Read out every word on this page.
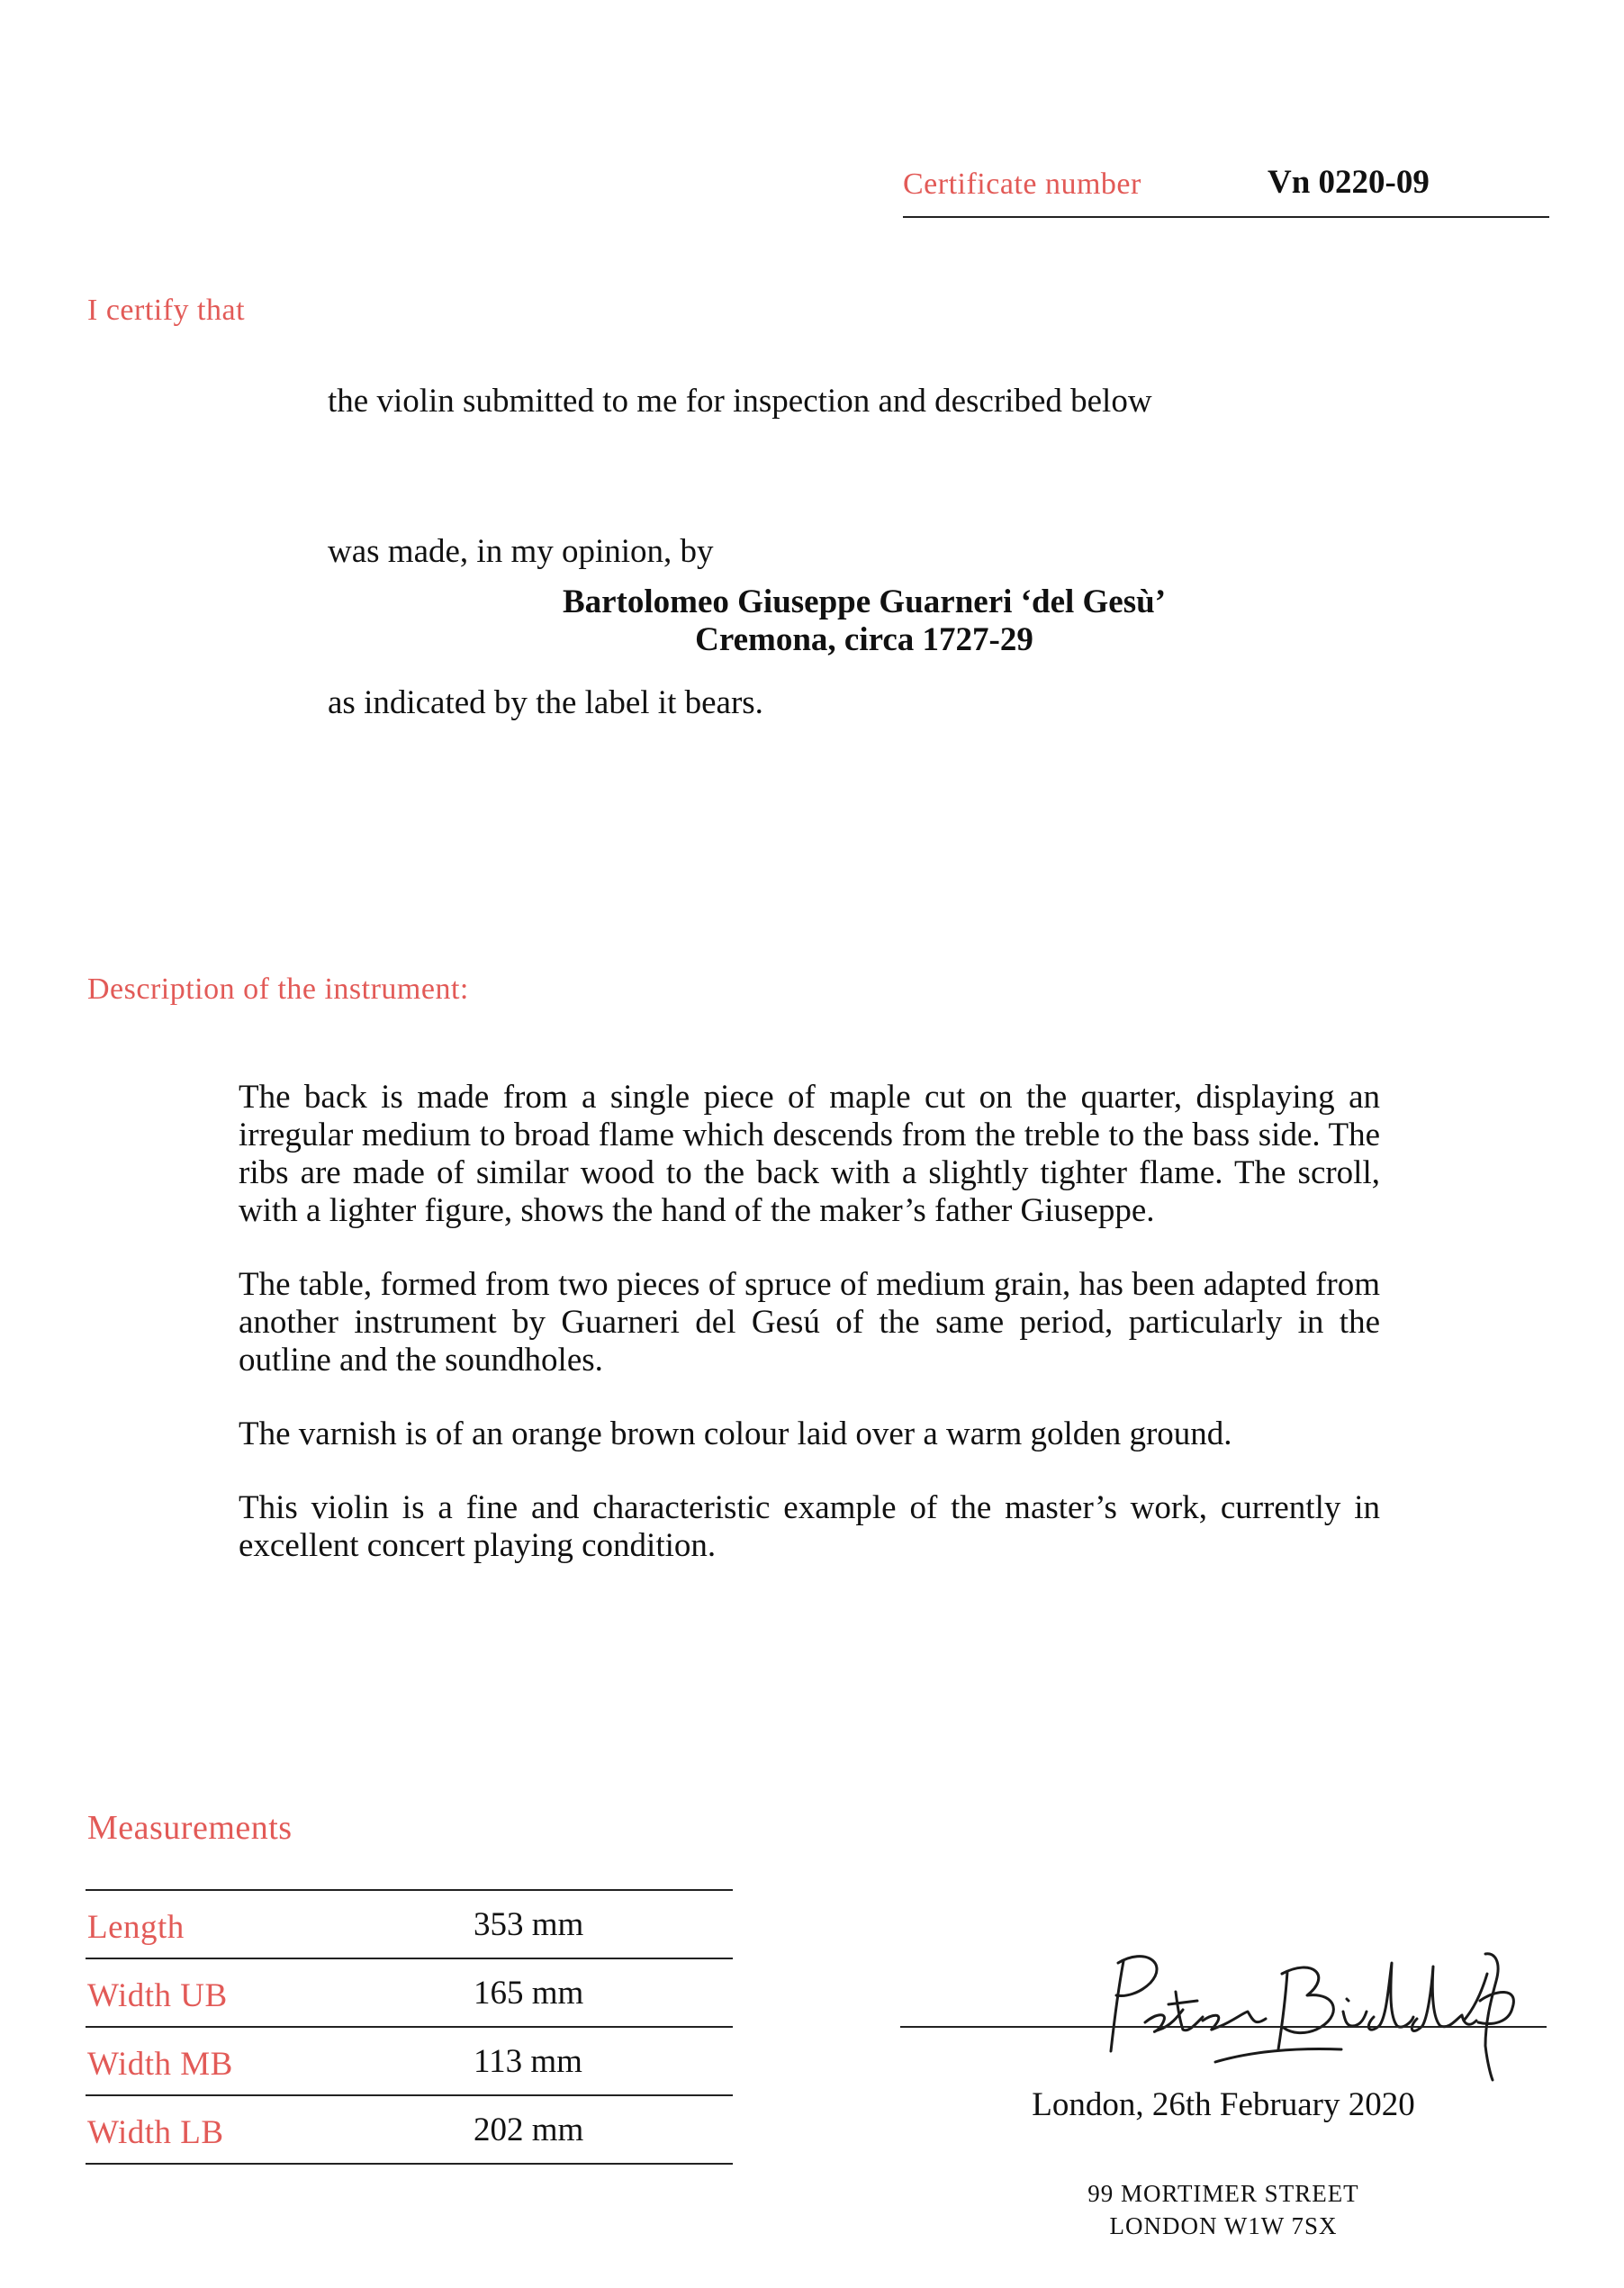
Certificate number	Vn 0220-09
I certify that
the violin submitted to me for inspection and described below
was made, in my opinion, by
Bartolomeo Giuseppe Guarneri ‘del Gesù’
Cremona, circa 1727-29
as indicated by the label it bears.
Description of the instrument:

The back is made from a single piece of maple cut on the quarter, displaying an irregular medium to broad flame which descends from the treble to the bass side. The ribs are made of similar wood to the back with a slightly tighter flame. The scroll, with a lighter figure, shows the hand of the maker’s father Giuseppe.

The table, formed from two pieces of spruce of medium grain, has been adapted from another instrument by Guarneri del Gesú of the same period, particularly in the outline and the soundholes.

The varnish is of an orange brown colour laid over a warm golden ground.

This violin is a fine and characteristic example of the master’s work, currently in excellent concert playing condition.

Measurements
Length	353 mm
Width UB	165 mm
Width MB	113 mm
Width LB	202 mm
London, 26th February 2020
99 MORTIMER STREET
LONDON W1W 7SX
